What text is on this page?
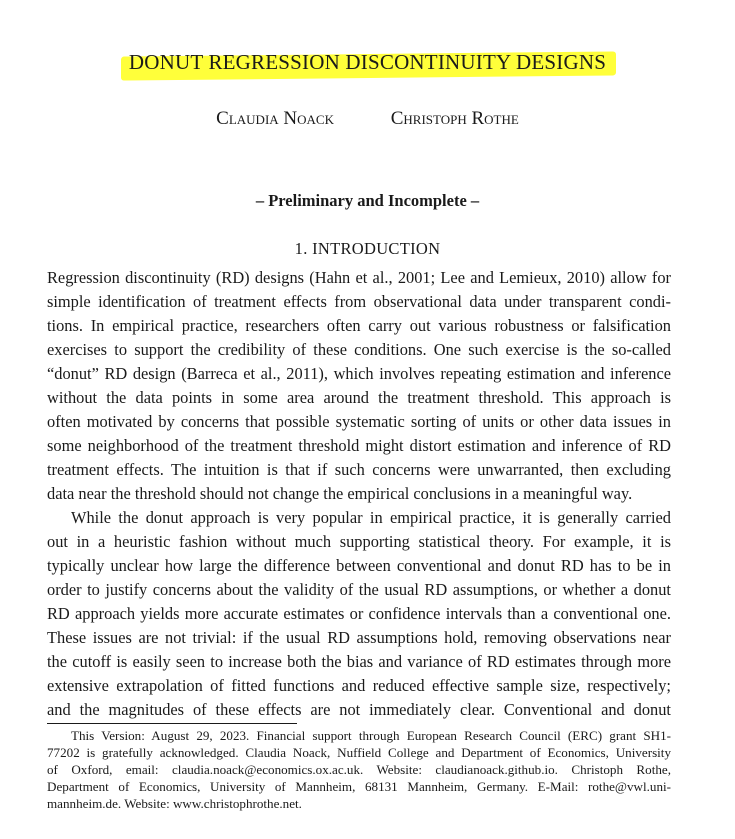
DONUT REGRESSION DISCONTINUITY DESIGNS
Claudia Noack	Christoph Rothe
– Preliminary and Incomplete –
1. INTRODUCTION
Regression discontinuity (RD) designs (Hahn et al., 2001; Lee and Lemieux, 2010) allow for
simple identification of treatment effects from observational data under transparent condi-
tions. In empirical practice, researchers often carry out various robustness or falsification
exercises to support the credibility of these conditions. One such exercise is the so-called
“donut” RD design (Barreca et al., 2011), which involves repeating estimation and inference
without the data points in some area around the treatment threshold. This approach is
often motivated by concerns that possible systematic sorting of units or other data issues in
some neighborhood of the treatment threshold might distort estimation and inference of RD
treatment effects. The intuition is that if such concerns were unwarranted, then excluding
data near the threshold should not change the empirical conclusions in a meaningful way.
While the donut approach is very popular in empirical practice, it is generally carried
out in a heuristic fashion without much supporting statistical theory. For example, it is
typically unclear how large the difference between conventional and donut RD has to be in
order to justify concerns about the validity of the usual RD assumptions, or whether a donut
RD approach yields more accurate estimates or confidence intervals than a conventional one.
These issues are not trivial: if the usual RD assumptions hold, removing observations near
the cutoff is easily seen to increase both the bias and variance of RD estimates through more
extensive extrapolation of fitted functions and reduced effective sample size, respectively;
and the magnitudes of these effects are not immediately clear. Conventional and donut
This Version: August 29, 2023. Financial support through European Research Council (ERC) grant SH1-
77202 is gratefully acknowledged. Claudia Noack, Nuffield College and Department of Economics, University
of Oxford, email: claudia.noack@economics.ox.ac.uk. Website: claudianoack.github.io. Christoph Rothe,
Department of Economics, University of Mannheim, 68131 Mannheim, Germany. E-Mail: rothe@vwl.uni-
mannheim.de. Website: www.christophrothe.net.
